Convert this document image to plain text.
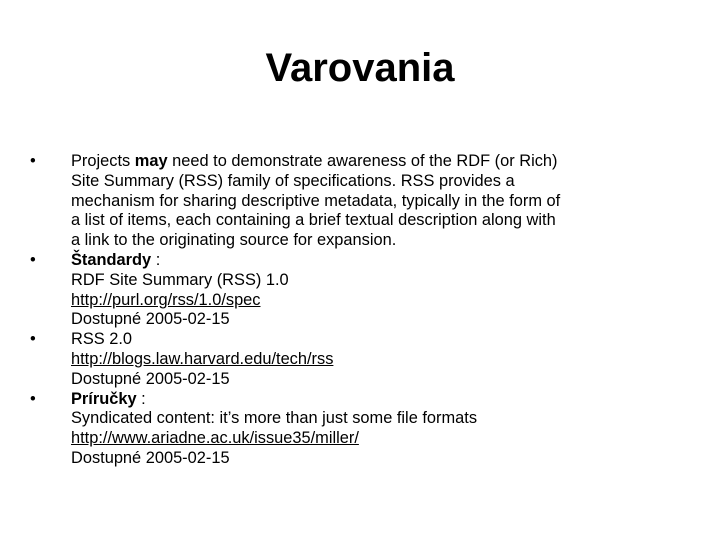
Varovania
•	Projects may need to demonstrate awareness of the RDF (or Rich)
Site Summary (RSS) family of specifications. RSS provides a
mechanism for sharing descriptive metadata, typically in the form of
a list of items, each containing a brief textual description along with
a link to the originating source for expansion.
•	Štandardy :
RDF Site Summary (RSS) 1.0
http://purl.org/rss/1.0/spec
Dostupné 2005-02-15
•	RSS 2.0
http://blogs.law.harvard.edu/tech/rss
Dostupné 2005-02-15
•	Príručky :
Syndicated content: it’s more than just some file formats
http://www.ariadne.ac.uk/issue35/miller/
Dostupné 2005-02-15
